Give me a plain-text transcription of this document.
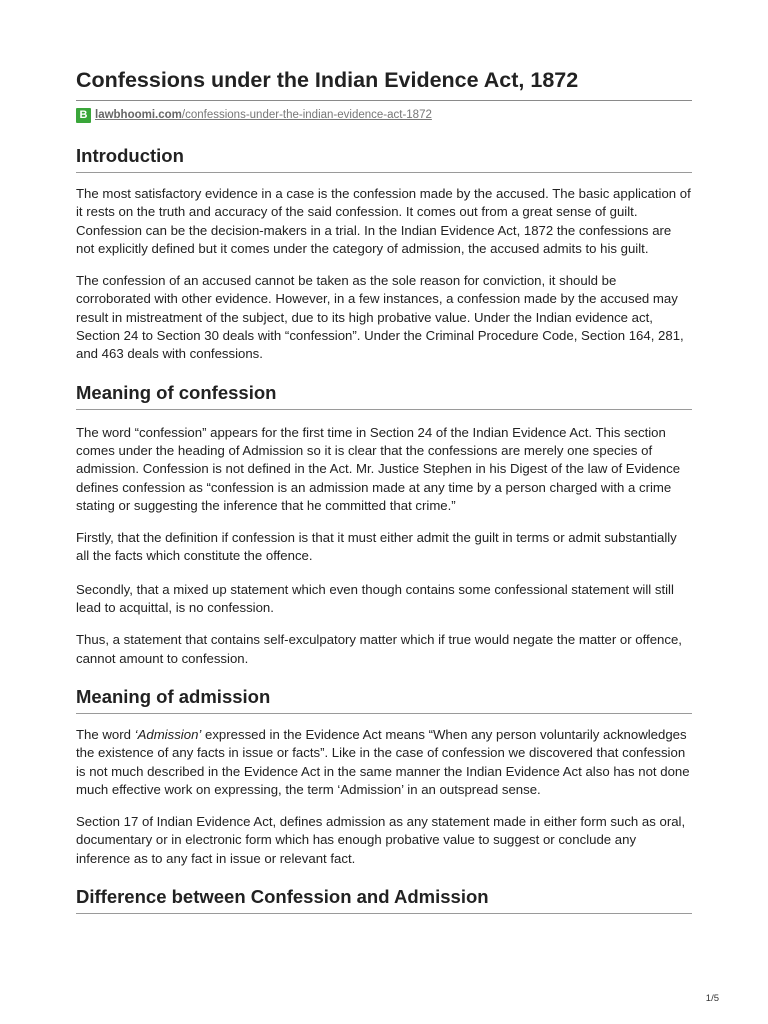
Confessions under the Indian Evidence Act, 1872
B lawbhoomi.com/confessions-under-the-indian-evidence-act-1872
Introduction

The most satisfactory evidence in a case is the confession made by the accused. The basic application of it rests on the truth and accuracy of the said confession. It comes out from a great sense of guilt. Confession can be the decision-makers in a trial. In the Indian Evidence Act, 1872 the confessions are not explicitly defined but it comes under the category of admission, the accused admits to his guilt.

The confession of an accused cannot be taken as the sole reason for conviction, it should be corroborated with other evidence. However, in a few instances, a confession made by the accused may result in mistreatment of the subject, due to its high probative value. Under the Indian evidence act, Section 24 to Section 30 deals with “confession”. Under the Criminal Procedure Code, Section 164, 281, and 463 deals with confessions.

Meaning of confession

The word “confession” appears for the first time in Section 24 of the Indian Evidence Act. This section comes under the heading of Admission so it is clear that the confessions are merely one species of admission. Confession is not defined in the Act. Mr. Justice Stephen in his Digest of the law of Evidence defines confession as “confession is an admission made at any time by a person charged with a crime stating or suggesting the inference that he committed that crime.”

Firstly, that the definition if confession is that it must either admit the guilt in terms or admit substantially all the facts which constitute the offence.

Secondly, that a mixed up statement which even though contains some confessional statement will still lead to acquittal, is no confession.

Thus, a statement that contains self-exculpatory matter which if true would negate the matter or offence, cannot amount to confession.

Meaning of admission

The word ‘Admission’ expressed in the Evidence Act means “When any person voluntarily acknowledges the existence of any facts in issue or facts”. Like in the case of confession we discovered that confession is not much described in the Evidence Act in the same manner the Indian Evidence Act also has not done much effective work on expressing, the term ‘Admission’ in an outspread sense.

Section 17 of Indian Evidence Act, defines admission as any statement made in either form such as oral, documentary or in electronic form which has enough probative value to suggest or conclude any inference as to any fact in issue or relevant fact.

Difference between Confession and Admission
1/5
